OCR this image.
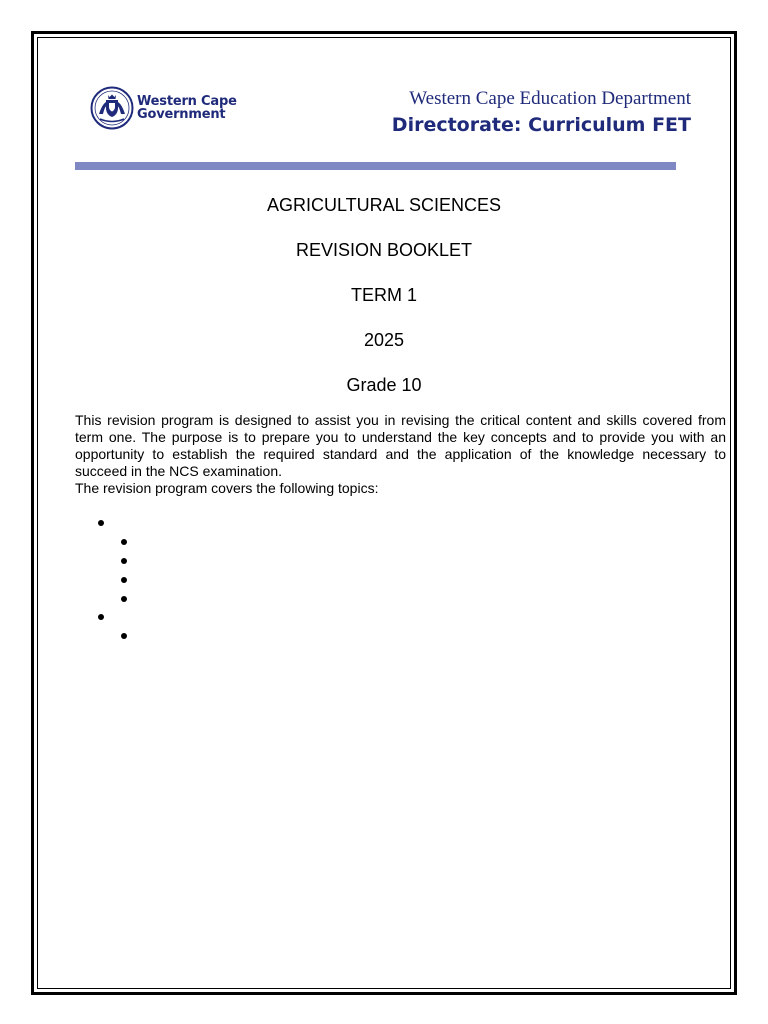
Western Cape
Government
Western Cape Education Department
Directorate: Curriculum FET
AGRICULTURAL SCIENCES
REVISION BOOKLET
TERM 1
2025
Grade 10

This revision program is designed to assist you in revising the critical content and skills covered from term one. The purpose is to prepare you to understand the key concepts and to provide you with an opportunity to establish the required standard and the application of the knowledge necessary to succeed in the NCS examination.

The revision program covers the following topics:
